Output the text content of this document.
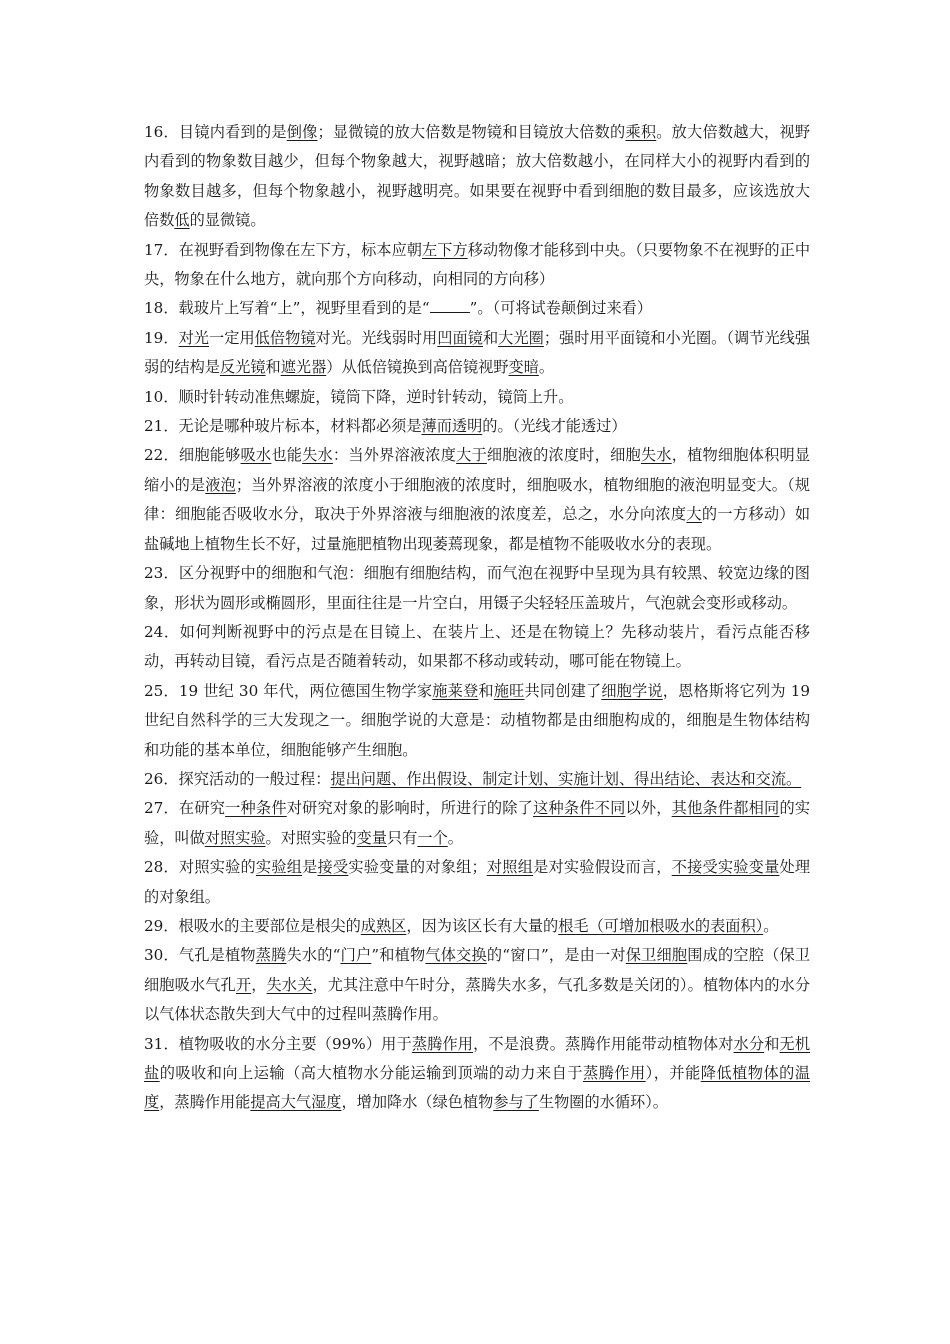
16．目镜内看到的是倒像；显微镜的放大倍数是物镜和目镜放大倍数的乘积。放大倍数越大，视野内看到的物象数目越少，但每个物象越大，视野越暗；放大倍数越小，在同样大小的视野内看到的物象数目越多，但每个物象越小，视野越明亮。如果要在视野中看到细胞的数目最多，应该选放大倍数低的显微镜。

17．在视野看到物像在左下方，标本应朝左下方移动物像才能移到中央。（只要物象不在视野的正中央，物象在什么地方，就向那个方向移动，向相同的方向移）

18．载玻片上写着“上”，视野里看到的是“	”。（可将试卷颠倒过来看）

19．对光一定用低倍物镜对光。光线弱时用凹面镜和大光圈；强时用平面镜和小光圈。（调节光线强弱的结构是反光镜和遮光器）从低倍镜换到高倍镜视野变暗。

10．顺时针转动准焦螺旋，镜筒下降，逆时针转动，镜筒上升。

21．无论是哪种玻片标本，材料都必须是薄而透明的。（光线才能透过）

22．细胞能够吸水也能失水：当外界溶液浓度大于细胞液的浓度时，细胞失水，植物细胞体积明显缩小的是液泡；当外界溶液的浓度小于细胞液的浓度时，细胞吸水，植物细胞的液泡明显变大。（规律：细胞能否吸收水分，取决于外界溶液与细胞液的浓度差，总之，水分向浓度大的一方移动）如盐碱地上植物生长不好，过量施肥植物出现萎蔫现象，都是植物不能吸收水分的表现。

23．区分视野中的细胞和气泡：细胞有细胞结构，而气泡在视野中呈现为具有较黑、较宽边缘的图象，形状为圆形或椭圆形，里面往往是一片空白，用镊子尖轻轻压盖玻片，气泡就会变形或移动。

24．如何判断视野中的污点是在目镜上、在装片上、还是在物镜上？先移动装片，看污点能否移动，再转动目镜，看污点是否随着转动，如果都不移动或转动，哪可能在物镜上。

25．19 世纪 30 年代，两位德国生物学家施莱登和施旺共同创建了细胞学说，恩格斯将它列为 19 世纪自然科学的三大发现之一。细胞学说的大意是：动植物都是由细胞构成的，细胞是生物体结构和功能的基本单位，细胞能够产生细胞。

26．探究活动的一般过程：提出问题、作出假设、制定计划、实施计划、得出结论、表达和交流。

27．在研究一种条件对研究对象的影响时，所进行的除了这种条件不同以外，其他条件都相同的实验，叫做对照实验。对照实验的变量只有一个。

28．对照实验的实验组是接受实验变量的对象组；对照组是对实验假设而言，不接受实验变量处理的对象组。

29．根吸水的主要部位是根尖的成熟区，因为该区长有大量的根毛（可增加根吸水的表面积）。

30．气孔是植物蒸腾失水的“门户”和植物气体交换的“窗口”，是由一对保卫细胞围成的空腔（保卫细胞吸水气孔开，失水关，尤其注意中午时分，蒸腾失水多，气孔多数是关闭的）。植物体内的水分以气体状态散失到大气中的过程叫蒸腾作用。

31．植物吸收的水分主要（99%）用于蒸腾作用，不是浪费。蒸腾作用能带动植物体对水分和无机盐的吸收和向上运输（高大植物水分能运输到顶端的动力来自于蒸腾作用），并能降低植物体的温度，蒸腾作用能提高大气湿度，增加降水（绿色植物参与了生物圈的水循环）。
